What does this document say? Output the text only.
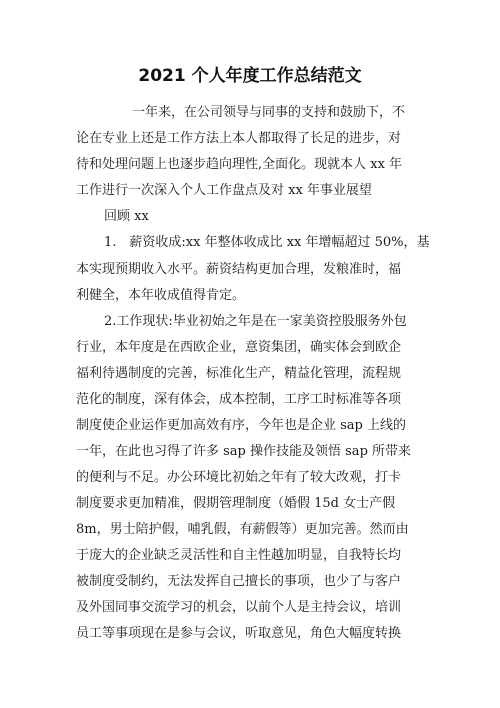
2021 个人年度工作总结范文
一年来，在公司领导与同事的支持和鼓励下，不
论在专业上还是工作方法上本人都取得了长足的进步，对
待和处理问题上也逐步趋向理性,全面化。现就本人 xx 年
工作进行一次深入个人工作盘点及对 xx 年事业展望
回顾 xx
1.　薪资收成:xx 年整体收成比 xx 年增幅超过 50%，基
本实现预期收入水平。薪资结构更加合理，发粮准时，福
利健全，本年收成值得肯定。
2.工作现状:毕业初始之年是在一家美资控股服务外包
行业，本年度是在西欧企业，意资集团，确实体会到欧企
福利待遇制度的完善，标准化生产，精益化管理，流程规
范化的制度，深有体会，成本控制，工序工时标准等各项
制度使企业运作更加高效有序，今年也是企业 sap 上线的
一年，在此也习得了许多 sap 操作技能及领悟 sap 所带来
的便利与不足。办公环境比初始之年有了较大改观，打卡
制度要求更加精准，假期管理制度（婚假 15d 女士产假
8m，男士陪护假，哺乳假，有薪假等）更加完善。然而由
于庞大的企业缺乏灵活性和自主性越加明显，自我特长均
被制度受制约，无法发挥自己擅长的事项，也少了与客户
及外国同事交流学习的机会，以前个人是主持会议，培训
员工等事项现在是参与会议，听取意见，角色大幅度转换
